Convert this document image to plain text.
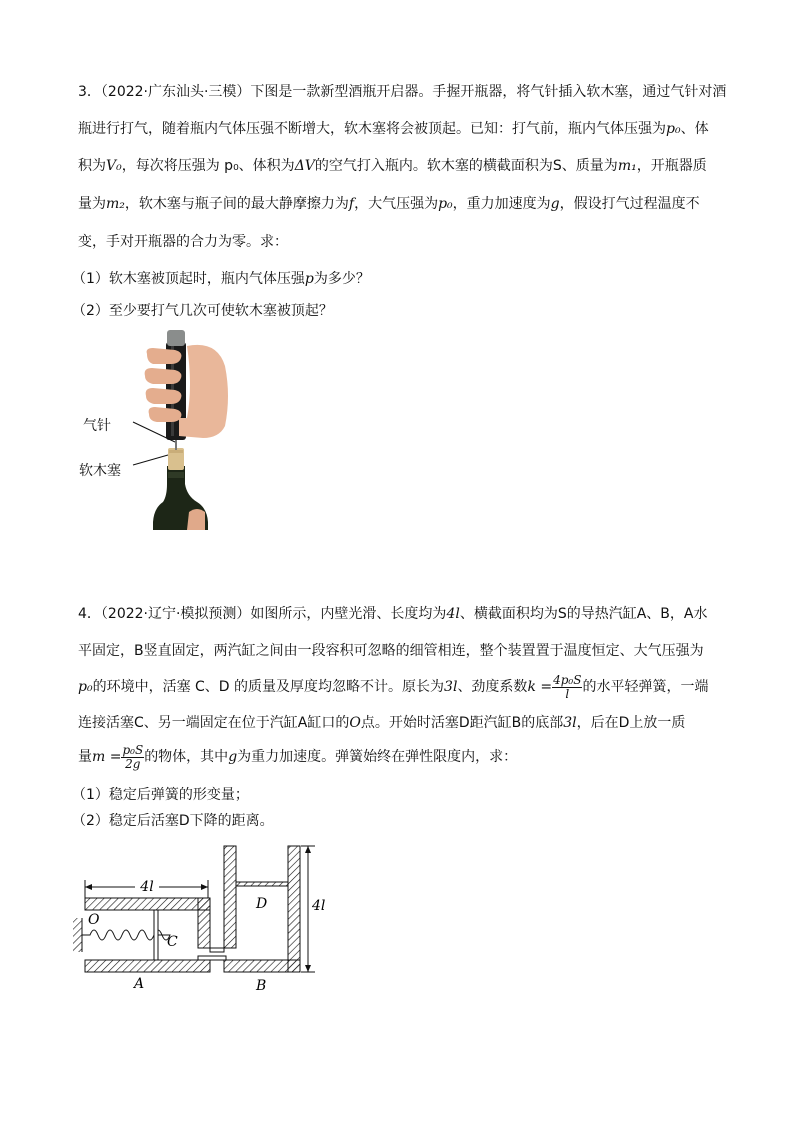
3．（2022·广东汕头·三模）下图是一款新型酒瓶开启器。手握开瓶器，将气针插入软木塞，通过气针对酒
瓶进行打气，随着瓶内气体压强不断增大，软木塞将会被顶起。已知：打气前，瓶内气体压强为p₀、体
积为V₀，每次将压强为 p₀、体积为ΔV的空气打入瓶内。软木塞的横截面积为S、质量为m₁，开瓶器质
量为m₂，软木塞与瓶子间的最大静摩擦力为f，大气压强为p₀，重力加速度为g，假设打气过程温度不
变，手对开瓶器的合力为零。求：
（1）软木塞被顶起时，瓶内气体压强p为多少？
（2）至少要打气几次可使软木塞被顶起？
气针
软木塞
4．（2022·辽宁·模拟预测）如图所示，内壁光滑、长度均为4l、横截面积均为S的导热汽缸A、B，A水
平固定，B竖直固定，两汽缸之间由一段容积可忽略的细管相连，整个装置置于温度恒定、大气压强为
p₀的环境中，活塞 C、D 的质量及厚度均忽略不计。原长为3l、劲度系数$k = \frac{\text{4p₀S}}{l}$ 的水平轻弹簧，一端
连接活塞C、另一端固定在位于汽缸A缸口的O点。开始时活塞D距汽缸B的底部3l，后在D上放一质
量$m = \frac{\text{p₀S}}{2g}$ 的物体，其中g为重力加速度。弹簧始终在弹性限度内，求：
（1）稳定后弹簧的形变量；
（2）稳定后活塞D下降的距离。
4l
O
C
D	4l
A	B
